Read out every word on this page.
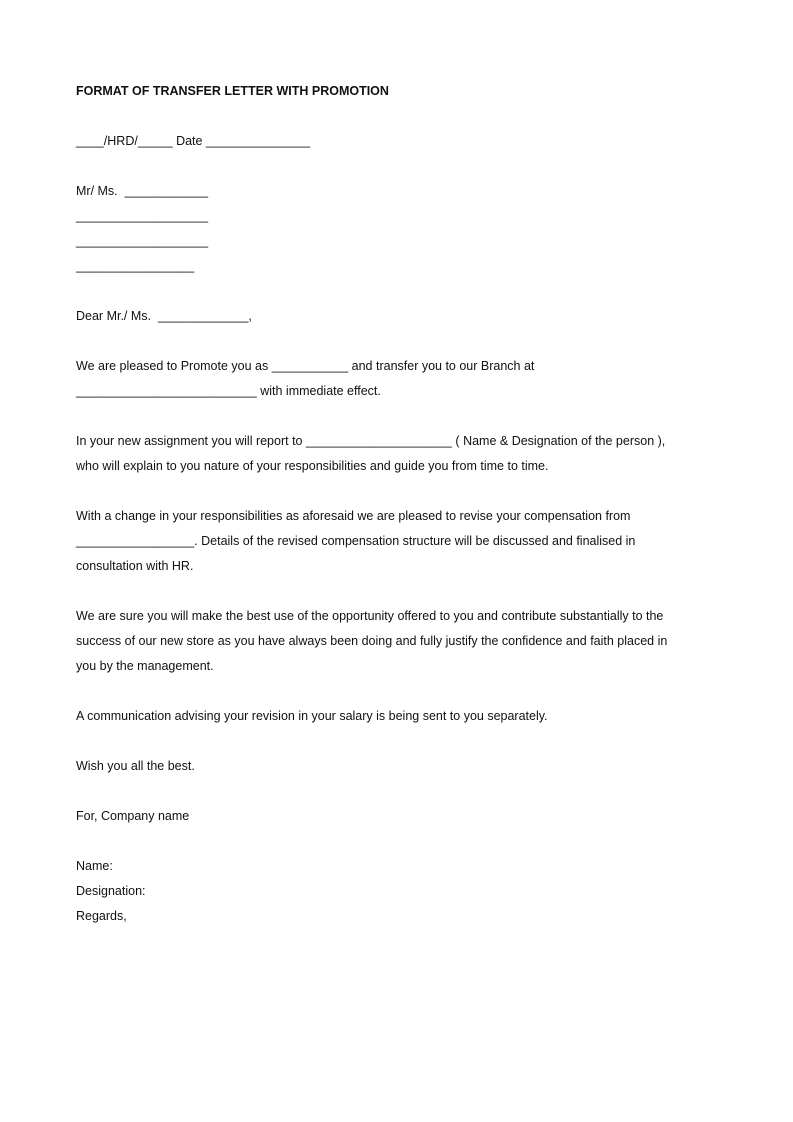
FORMAT OF TRANSFER LETTER WITH PROMOTION

____/HRD/_____ Date _______________

Mr/ Ms.  ____________

___________________

___________________

_________________

Dear Mr./ Ms.  _____________,

We are pleased to Promote you as ___________ and transfer you to our Branch at

__________________________ with immediate effect.

In your new assignment you will report to _____________________ ( Name & Designation of the person ),

who will explain to you nature of your responsibilities and guide you from time to time.

With a change in your responsibilities as aforesaid we are pleased to revise your compensation from

_________________. Details of the revised compensation structure will be discussed and finalised in

consultation with HR.

We are sure you will make the best use of the opportunity offered to you and contribute substantially to the

success of our new store as you have always been doing and fully justify the confidence and faith placed in

you by the management.

A communication advising your revision in your salary is being sent to you separately.

Wish you all the best.

For, Company name

Name:

Designation:

Regards,
